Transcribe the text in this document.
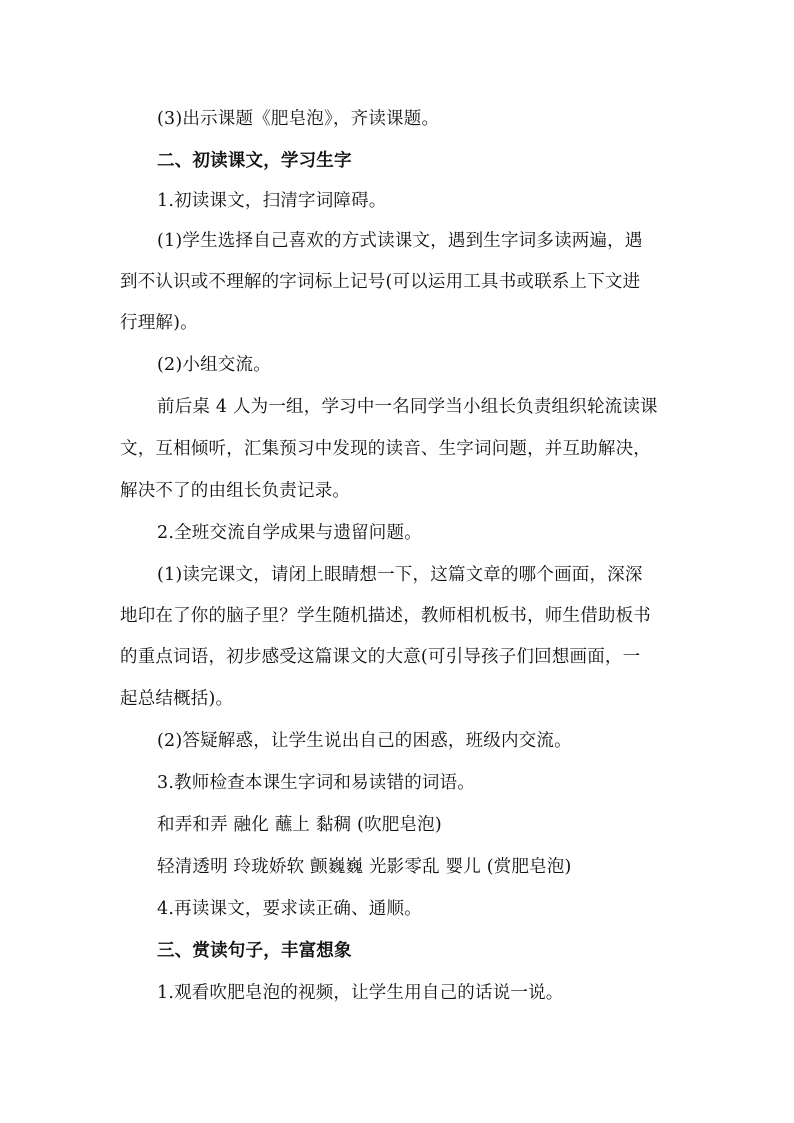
(3)出示课题《肥皂泡》，齐读课题。
二、初读课文，学习生字
1.初读课文，扫清字词障碍。
(1)学生选择自己喜欢的方式读课文，遇到生字词多读两遍，遇
到不认识或不理解的字词标上记号(可以运用工具书或联系上下文进
行理解)。
(2)小组交流。
前后桌 4 人为一组，学习中一名同学当小组长负责组织轮流读课
文，互相倾听，汇集预习中发现的读音、生字词问题，并互助解决，
解决不了的由组长负责记录。
2.全班交流自学成果与遗留问题。
(1)读完课文，请闭上眼睛想一下，这篇文章的哪个画面，深深
地印在了你的脑子里？学生随机描述，教师相机板书，师生借助板书
的重点词语，初步感受这篇课文的大意(可引导孩子们回想画面，一
起总结概括)。
(2)答疑解惑，让学生说出自己的困惑，班级内交流。
3.教师检查本课生字词和易读错的词语。
和弄和弄 融化 蘸上 黏稠 (吹肥皂泡)
轻清透明 玲珑娇软 颤巍巍 光影零乱 婴儿 (赏肥皂泡)
4.再读课文，要求读正确、通顺。
三、赏读句子，丰富想象
1.观看吹肥皂泡的视频，让学生用自己的话说一说。
